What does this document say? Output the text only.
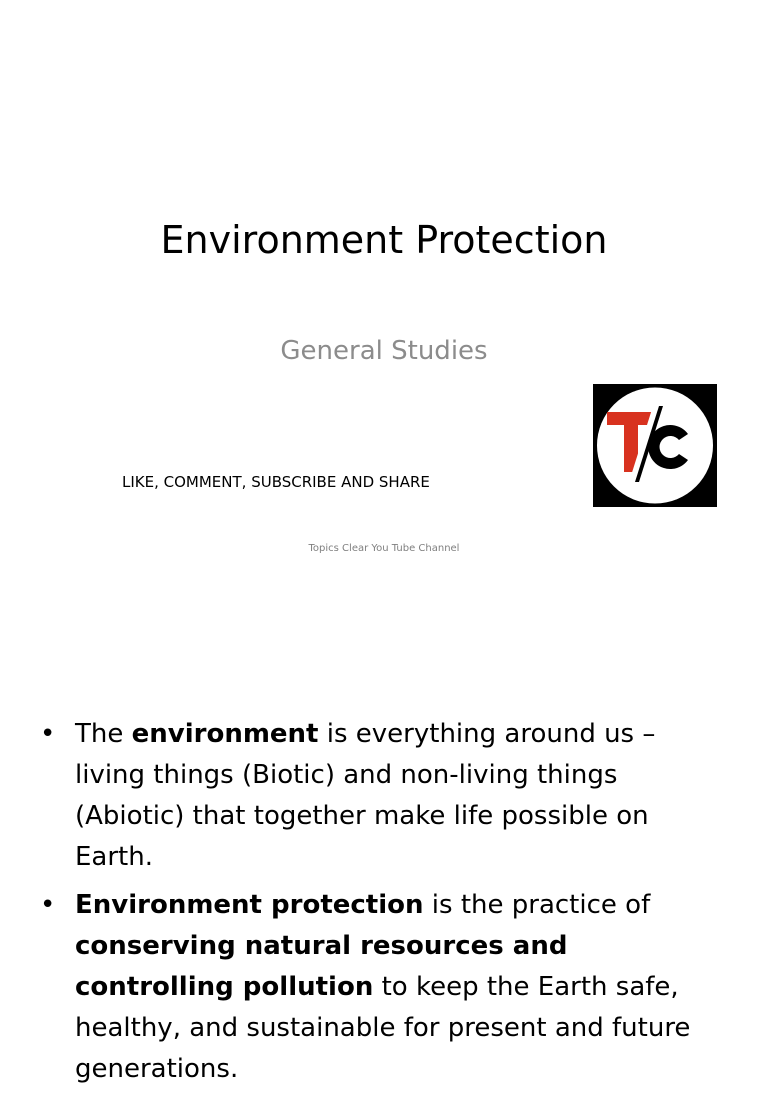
Environment Protection
General Studies
LIKE, COMMENT, SUBSCRIBE AND SHARE
Topics Clear You Tube Channel
• The environment is everything around us – living things (Biotic) and non-living things (Abiotic) that together make life possible on Earth.
• Environment protection is the practice of conserving natural resources and controlling pollution to keep the Earth safe, healthy, and sustainable for present and future generations.
